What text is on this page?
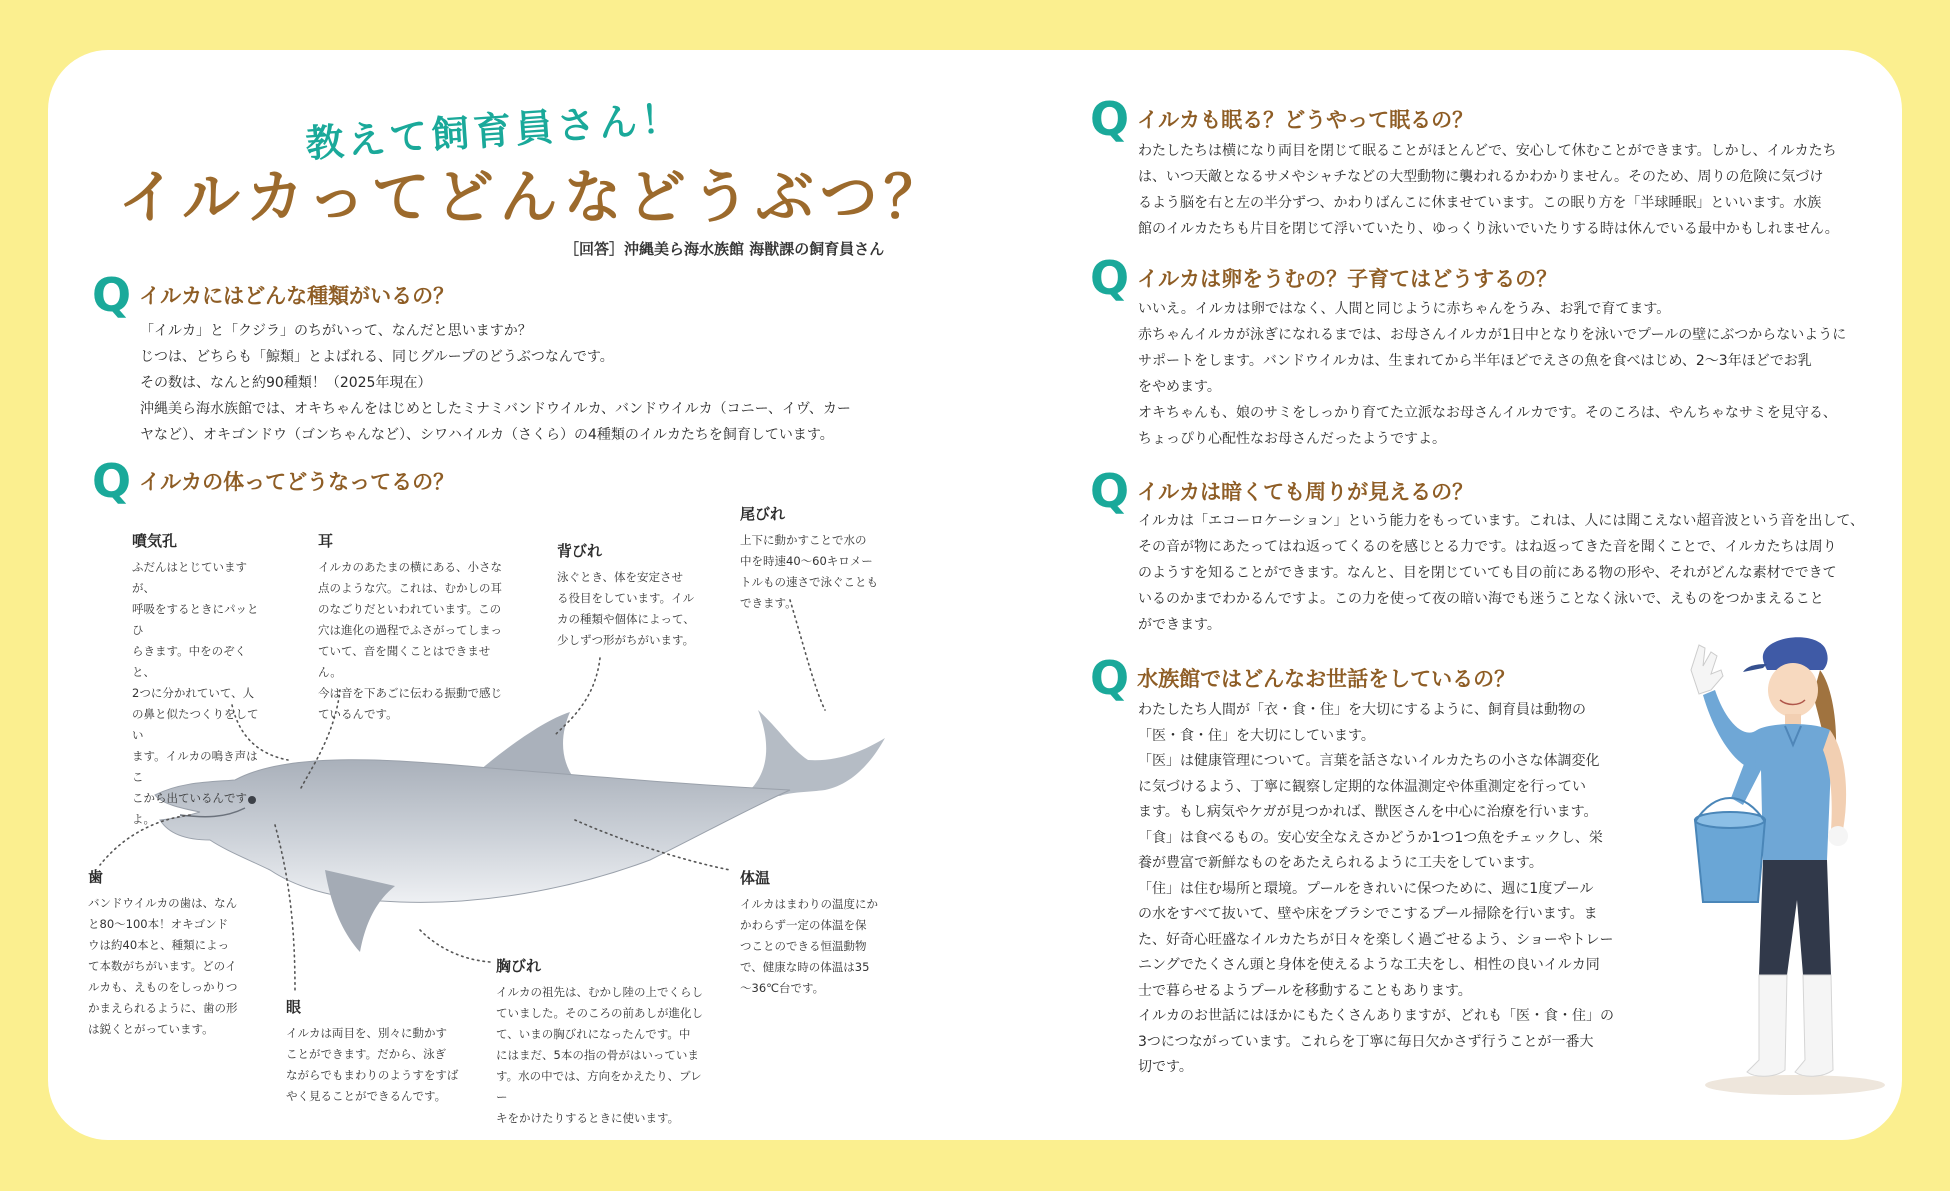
教えて飼育員さん！
イルカってどんなどうぶつ？
［回答］沖縄美ら海水族館 海獣課の飼育員さん
Q イルカにはどんな種類がいるの？

「イルカ」と「クジラ」のちがいって、なんだと思いますか？

じつは、どちらも「鯨類」とよばれる、同じグループのどうぶつなんです。

その数は、なんと約90種類！（2025年現在）

沖縄美ら海水族館では、オキちゃんをはじめとしたミナミバンドウイルカ、バンドウイルカ（コニー、イヴ、カー

ヤなど）、オキゴンドウ（ゴンちゃんなど）、シワハイルカ（さくら）の4種類のイルカたちを飼育しています。

Q イルカの体ってどうなってるの？
噴気孔

ふだんはとじていますが、

呼吸をするときにパッとひ

らきます。中をのぞくと、

2つに分かれていて、人

の鼻と似たつくりをしてい

ます。イルカの鳴き声はこ

こから出ているんですよ。

耳

イルカのあたまの横にある、小さな

点のような穴。これは、むかしの耳

のなごりだといわれています。この

穴は進化の過程でふさがってしまっ

ていて、音を聞くことはできません。

今は音を下あごに伝わる振動で感じ

ているんです。

背びれ

泳ぐとき、体を安定させ

る役目をしています。イル

カの種類や個体によって、

少しずつ形がちがいます。

尾びれ

上下に動かすことで水の

中を時速40～60キロメー

トルもの速さで泳ぐことも

できます。

歯

バンドウイルカの歯は、なん

と80～100本！オキゴンド

ウは約40本と、種類によっ

て本数がちがいます。どのイ

ルカも、えものをしっかりつ

かまえられるように、歯の形

は鋭くとがっています。

眼

イルカは両目を、別々に動かす

ことができます。だから、泳ぎ

ながらでもまわりのようすをすば

やく見ることができるんです。

胸びれ

イルカの祖先は、むかし陸の上でくらし

ていました。そのころの前あしが進化し

て、いまの胸びれになったんです。中

にはまだ、5本の指の骨がはいっていま

す。水の中では、方向をかえたり、ブレー

キをかけたりするときに使います。

体温

イルカはまわりの温度にか

かわらず一定の体温を保

つことのできる恒温動物

で、健康な時の体温は35

～36℃台です。

Q イルカも眠る？どうやって眠るの？

わたしたちは横になり両目を閉じて眠ることがほとんどで、安心して休むことができます。しかし、イルカたち

は、いつ天敵となるサメやシャチなどの大型動物に襲われるかわかりません。そのため、周りの危険に気づけ

るよう脳を右と左の半分ずつ、かわりばんこに休ませています。この眠り方を「半球睡眠」といいます。水族

館のイルカたちも片目を閉じて浮いていたり、ゆっくり泳いでいたりする時は休んでいる最中かもしれません。

Q イルカは卵をうむの？子育てはどうするの？

いいえ。イルカは卵ではなく、人間と同じように赤ちゃんをうみ、お乳で育てます。

赤ちゃんイルカが泳ぎになれるまでは、お母さんイルカが1日中となりを泳いでプールの壁にぶつからないように

サポートをします。バンドウイルカは、生まれてから半年ほどでえさの魚を食べはじめ、2～3年ほどでお乳

をやめます。

オキちゃんも、娘のサミをしっかり育てた立派なお母さんイルカです。そのころは、やんちゃなサミを見守る、

ちょっぴり心配性なお母さんだったようですよ。

Q イルカは暗くても周りが見えるの？

イルカは「エコーロケーション」という能力をもっています。これは、人には聞こえない超音波という音を出して、

その音が物にあたってはね返ってくるのを感じとる力です。はね返ってきた音を聞くことで、イルカたちは周り

のようすを知ることができます。なんと、目を閉じていても目の前にある物の形や、それがどんな素材でできて

いるのかまでわかるんですよ。この力を使って夜の暗い海でも迷うことなく泳いで、えものをつかまえること

ができます。

Q 水族館ではどんなお世話をしているの？

わたしたち人間が「衣・食・住」を大切にするように、飼育員は動物の

「医・食・住」を大切にしています。

「医」は健康管理について。言葉を話さないイルカたちの小さな体調変化

に気づけるよう、丁寧に観察し定期的な体温測定や体重測定を行ってい

ます。もし病気やケガが見つかれば、獣医さんを中心に治療を行います。

「食」は食べるもの。安心安全なえさかどうか1つ1つ魚をチェックし、栄

養が豊富で新鮮なものをあたえられるように工夫をしています。

「住」は住む場所と環境。プールをきれいに保つために、週に1度プール

の水をすべて抜いて、壁や床をブラシでこするプール掃除を行います。ま

た、好奇心旺盛なイルカたちが日々を楽しく過ごせるよう、ショーやトレー

ニングでたくさん頭と身体を使えるような工夫をし、相性の良いイルカ同

士で暮らせるようプールを移動することもあります。

イルカのお世話にはほかにもたくさんありますが、どれも「医・食・住」の

3つにつながっています。これらを丁寧に毎日欠かさず行うことが一番大

切です。
